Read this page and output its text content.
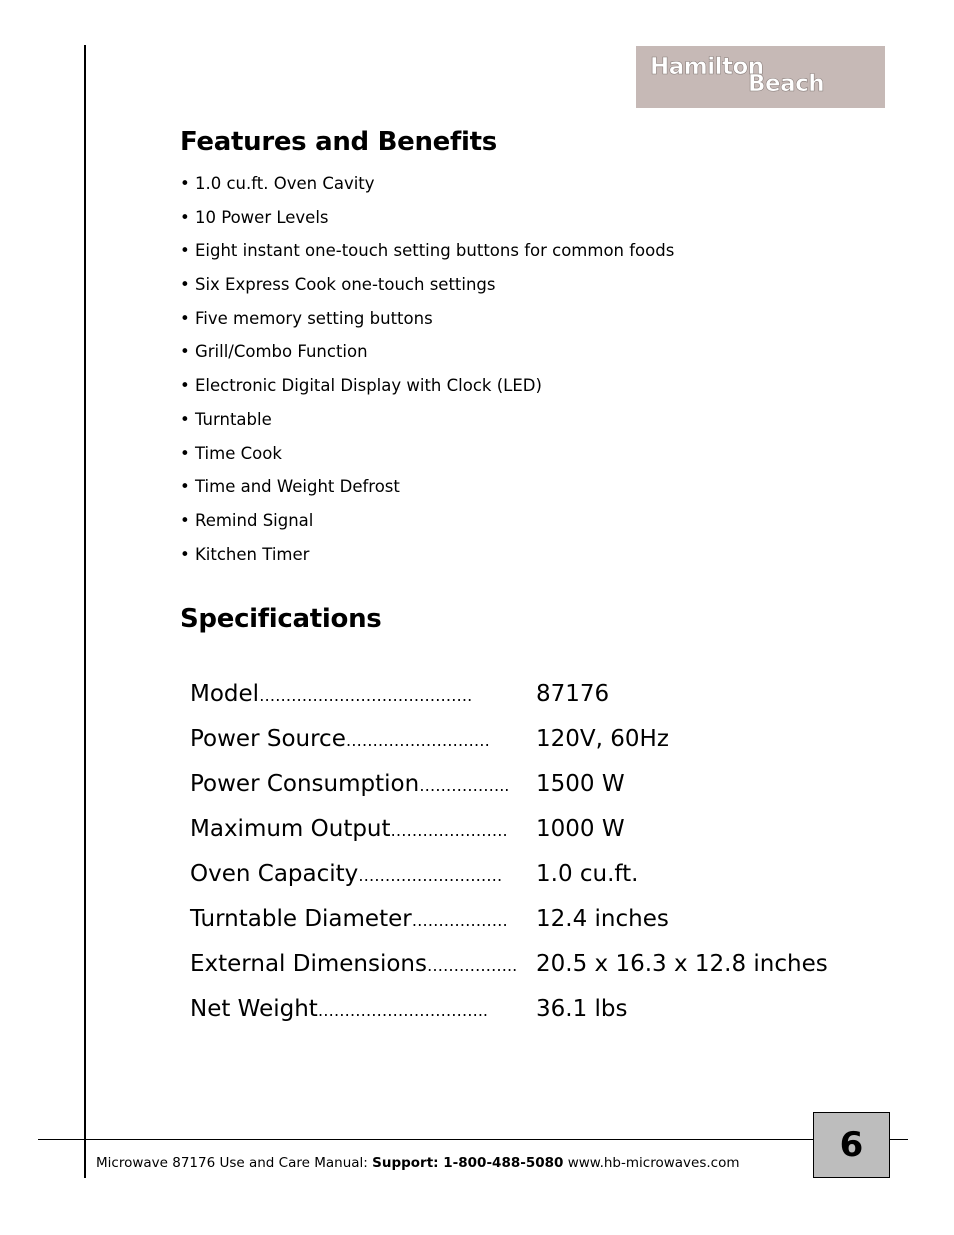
Hamilton
Beach
Features and Benefits
• 1.0 cu.ft. Oven Cavity
• 10 Power Levels
• Eight instant one-touch setting buttons for common foods
• Six Express Cook one-touch settings
• Five memory setting buttons
• Grill/Combo Function
• Electronic Digital Display with Clock (LED)
• Turntable
• Time Cook
• Time and Weight Defrost
• Remind Signal
• Kitchen Timer
Specifications
Model………………………………….	87176
Power Source……………………… 120V, 60Hz
Power Consumption…………….. 1500 W
Maximum Output…………………. 1000 W
Oven Capacity……………………… 1.0 cu.ft.
Turntable Diameter……………… 12.4 inches
External Dimensions…………….. 20.5 x 16.3 x 12.8 inches
Net Weight………………………….. 36.1 lbs
Microwave 87176 Use and Care Manual: Support: 1-800-488-5080 www.hb-microwaves.com	6
